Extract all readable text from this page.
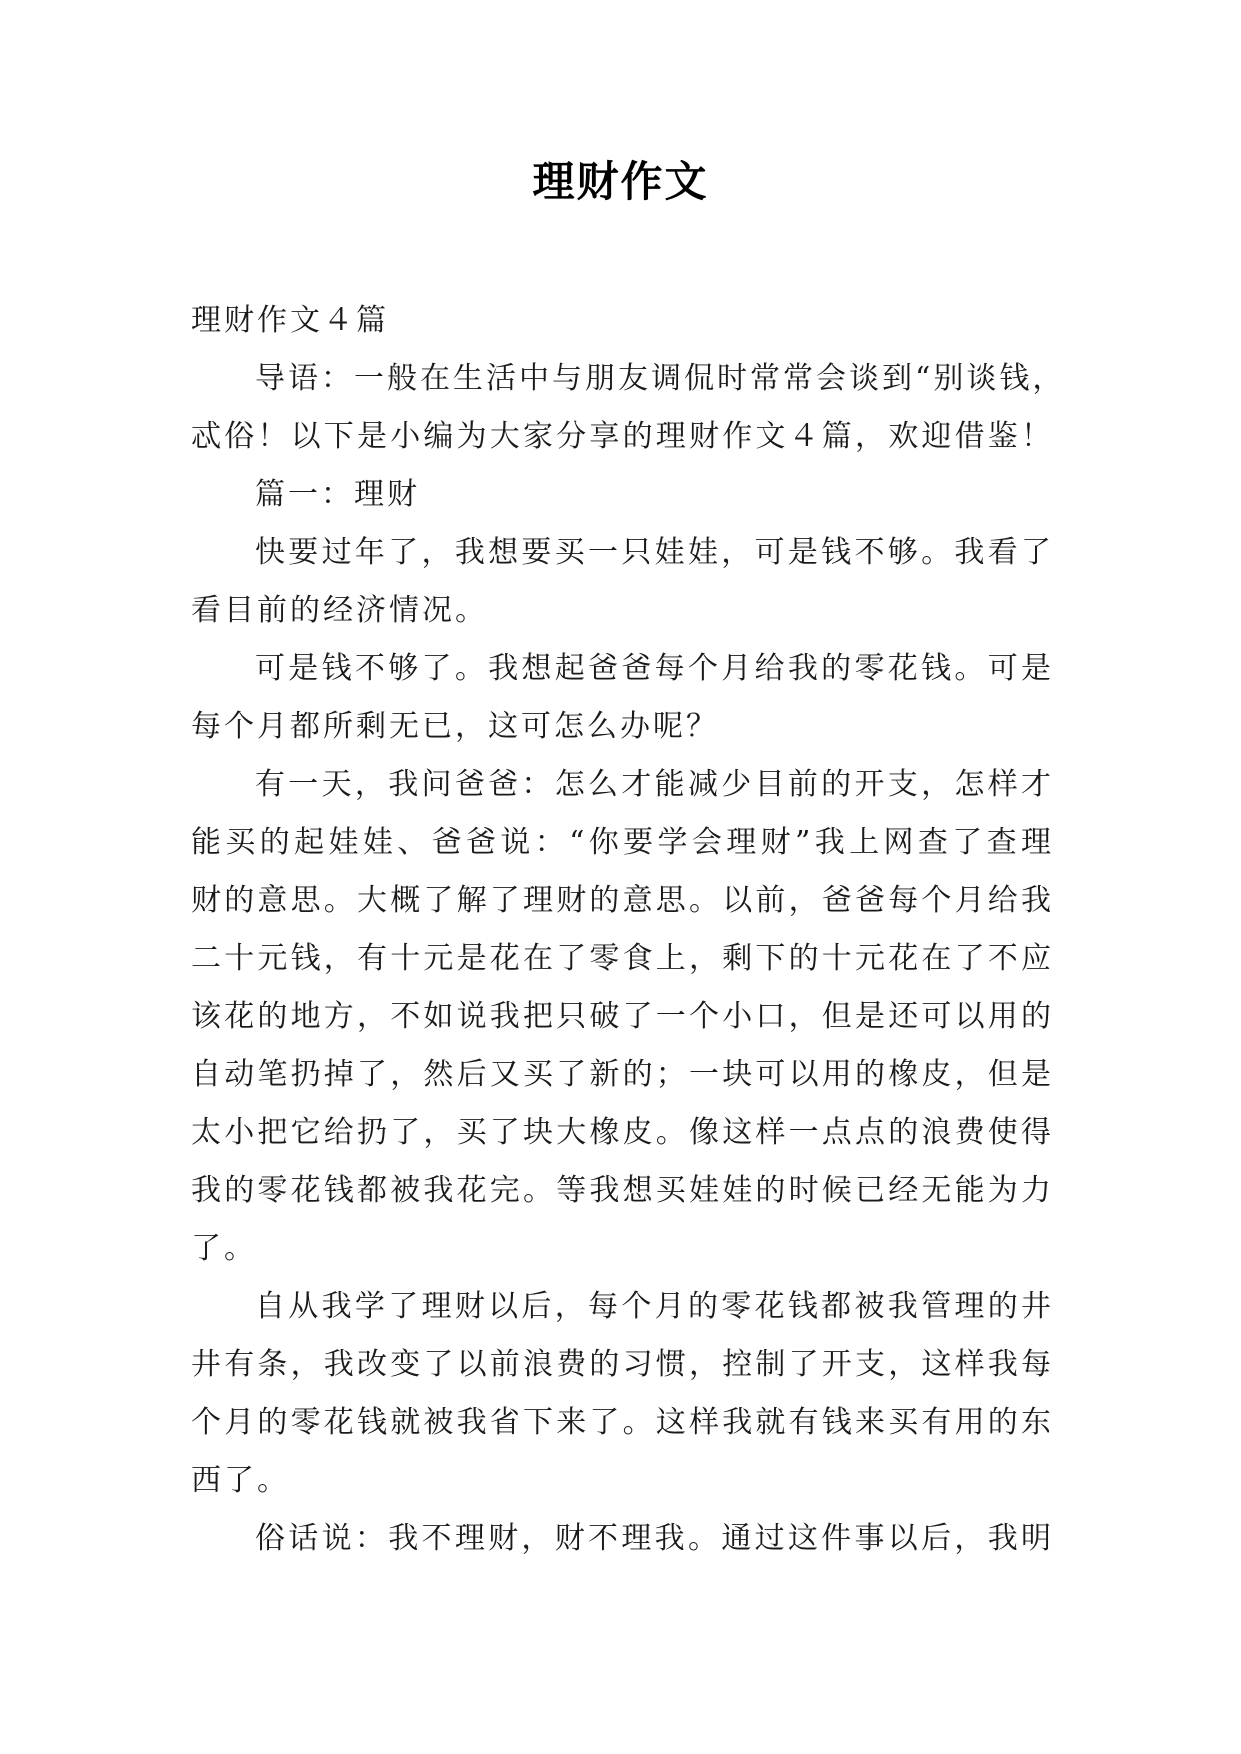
理财作文
理财作文４篇
导语：一般在生活中与朋友调侃时常常会谈到“别谈钱，
忒俗！以下是小编为大家分享的理财作文４篇，欢迎借鉴！
篇一：理财
快要过年了，我想要买一只娃娃，可是钱不够。我看了
看目前的经济情况。
可是钱不够了。我想起爸爸每个月给我的零花钱。可是
每个月都所剩无已，这可怎么办呢？
有一天，我问爸爸：怎么才能减少目前的开支，怎样才
能买的起娃娃、爸爸说：“你要学会理财”我上网查了查理
财的意思。大概了解了理财的意思。以前，爸爸每个月给我
二十元钱，有十元是花在了零食上，剩下的十元花在了不应
该花的地方，不如说我把只破了一个小口，但是还可以用的
自动笔扔掉了，然后又买了新的；一块可以用的橡皮，但是
太小把它给扔了，买了块大橡皮。像这样一点点的浪费使得
我的零花钱都被我花完。等我想买娃娃的时候已经无能为力
了。
自从我学了理财以后，每个月的零花钱都被我管理的井
井有条，我改变了以前浪费的习惯，控制了开支，这样我每
个月的零花钱就被我省下来了。这样我就有钱来买有用的东
西了。
俗话说：我不理财，财不理我。通过这件事以后，我明
